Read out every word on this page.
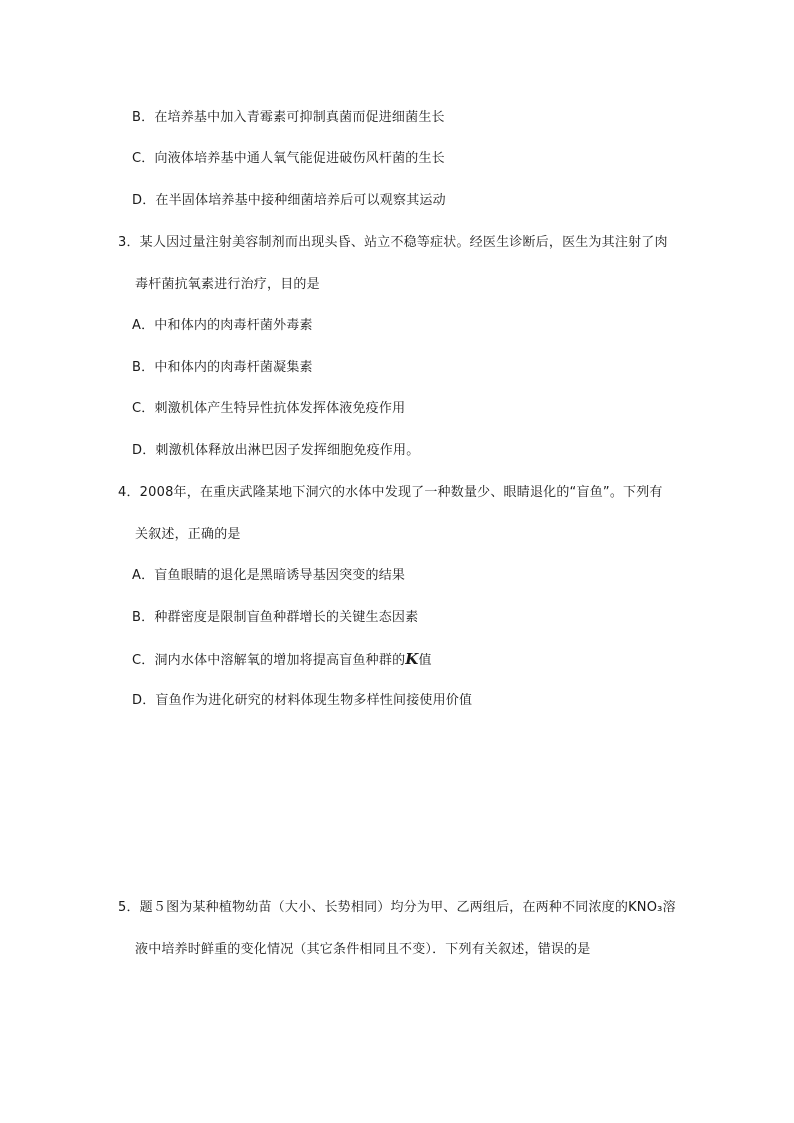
B．在培养基中加入青霉素可抑制真菌而促进细菌生长
C．向液体培养基中通人氧气能促进破伤风杆菌的生长
D．在半固体培养基中接种细菌培养后可以观察其运动
3．某人因过量注射美容制剂而出现头昏、站立不稳等症状。经医生诊断后，医生为其注射了肉
毒杆菌抗氧素进行治疗，目的是
A．中和体内的肉毒杆菌外毒素
B．中和体内的肉毒杆菌凝集素
C．刺激机体产生特异性抗体发挥体液免疫作用
D．刺激机体释放出淋巴因子发挥细胞免疫作用。
4．2008年，在重庆武隆某地下洞穴的水体中发现了一种数量少、眼睛退化的“盲鱼”。下列有
关叙述，正确的是
A．盲鱼眼睛的退化是黑暗诱导基因突变的结果
B．种群密度是限制盲鱼种群增长的关键生态因素
C．洞内水体中溶解氧的增加将提高盲鱼种群的K值
D．盲鱼作为进化研究的材料体现生物多样性间接使用价值
5．题５图为某种植物幼苗（大小、长势相同）均分为甲、乙两组后，在两种不同浓度的KNO₃溶
液中培养时鲜重的变化情况（其它条件相同且不变）．下列有关叙述，错误的是
